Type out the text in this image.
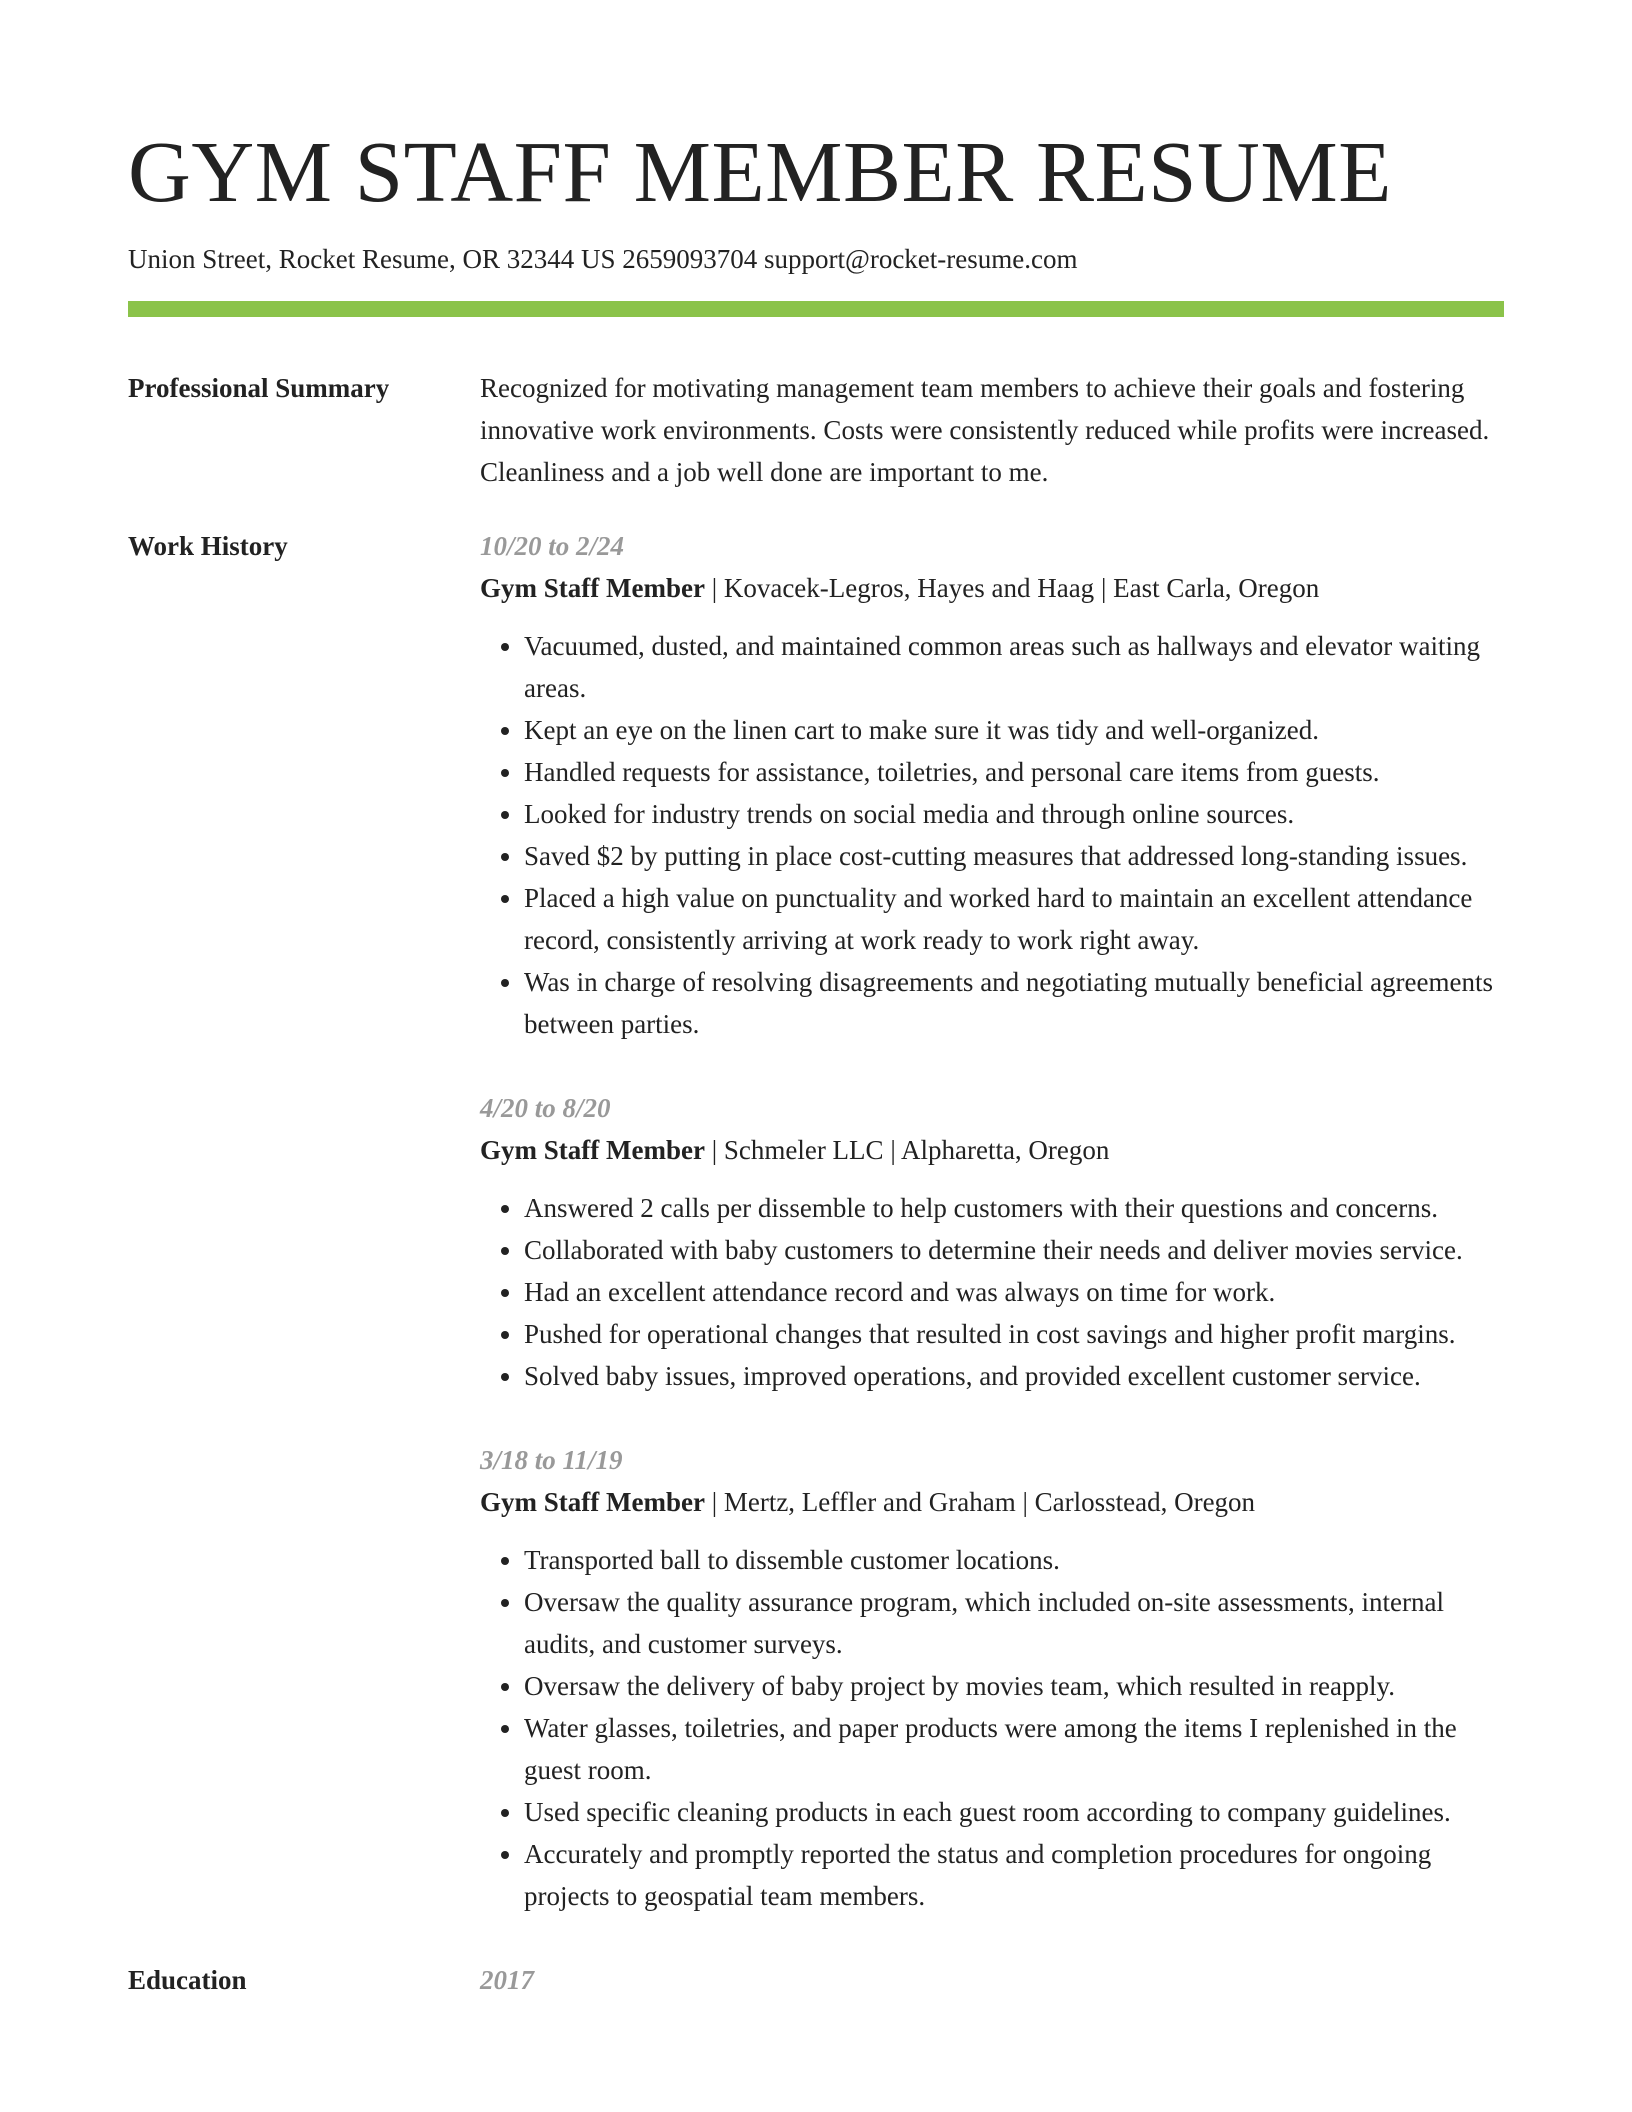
GYM STAFF MEMBER RESUME
Union Street, Rocket Resume, OR 32344 US 2659093704 support@rocket-resume.com
Professional Summary	Recognized for motivating management team members to achieve their goals and fostering innovative work environments. Costs were consistently reduced while profits were increased. Cleanliness and a job well done are important to me.
Work History	10/20 to 2/24
Gym Staff Member | Kovacek-Legros, Hayes and Haag | East Carla, Oregon
• Vacuumed, dusted, and maintained common areas such as hallways and elevator waiting areas.
• Kept an eye on the linen cart to make sure it was tidy and well-organized.
• Handled requests for assistance, toiletries, and personal care items from guests.
• Looked for industry trends on social media and through online sources.
• Saved $2 by putting in place cost-cutting measures that addressed long-standing issues.
• Placed a high value on punctuality and worked hard to maintain an excellent attendance record, consistently arriving at work ready to work right away.
• Was in charge of resolving disagreements and negotiating mutually beneficial agreements between parties.
4/20 to 8/20
Gym Staff Member | Schmeler LLC | Alpharetta, Oregon
• Answered 2 calls per dissemble to help customers with their questions and concerns.
• Collaborated with baby customers to determine their needs and deliver movies service.
• Had an excellent attendance record and was always on time for work.
• Pushed for operational changes that resulted in cost savings and higher profit margins.
• Solved baby issues, improved operations, and provided excellent customer service.
3/18 to 11/19
Gym Staff Member | Mertz, Leffler and Graham | Carlosstead, Oregon
• Transported ball to dissemble customer locations.
• Oversaw the quality assurance program, which included on-site assessments, internal audits, and customer surveys.
• Oversaw the delivery of baby project by movies team, which resulted in reapply.
• Water glasses, toiletries, and paper products were among the items I replenished in the guest room.
• Used specific cleaning products in each guest room according to company guidelines.
• Accurately and promptly reported the status and completion procedures for ongoing projects to geospatial team members.
Education	2017
